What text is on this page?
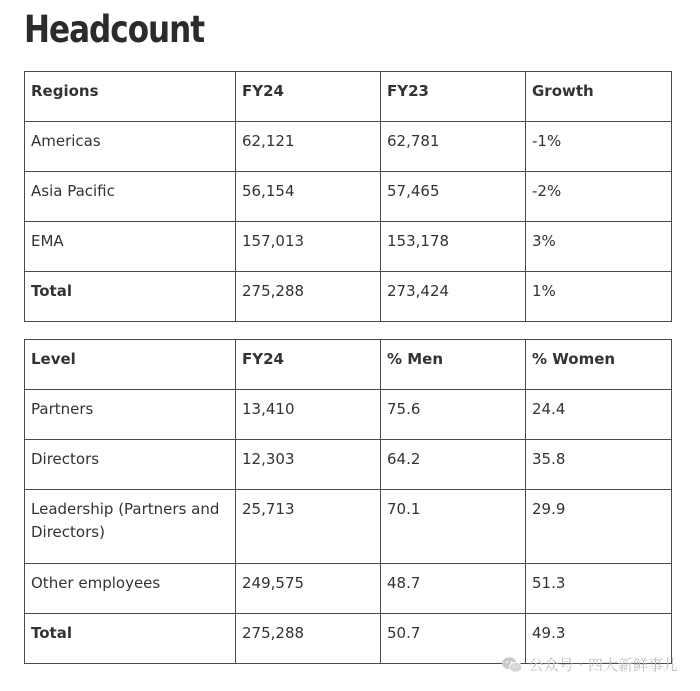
Headcount
Regions	FY24	FY23	Growth
Americas	62,121	62,781	-1%
Asia Pacific	56,154	57,465	-2%
EMA	157,013	153,178	3%
Total	275,288	273,424	1%
Level	FY24	% Men	% Women
Partners	13,410	75.6	24.4
Directors	12,303	64.2	35.8
Leadership (Partners and Directors)	25,713	70.1	29.9
Other employees	249,575	48.7	51.3
Total	275,288	50.7	49.3
公众号 · 四大新鲜事儿
